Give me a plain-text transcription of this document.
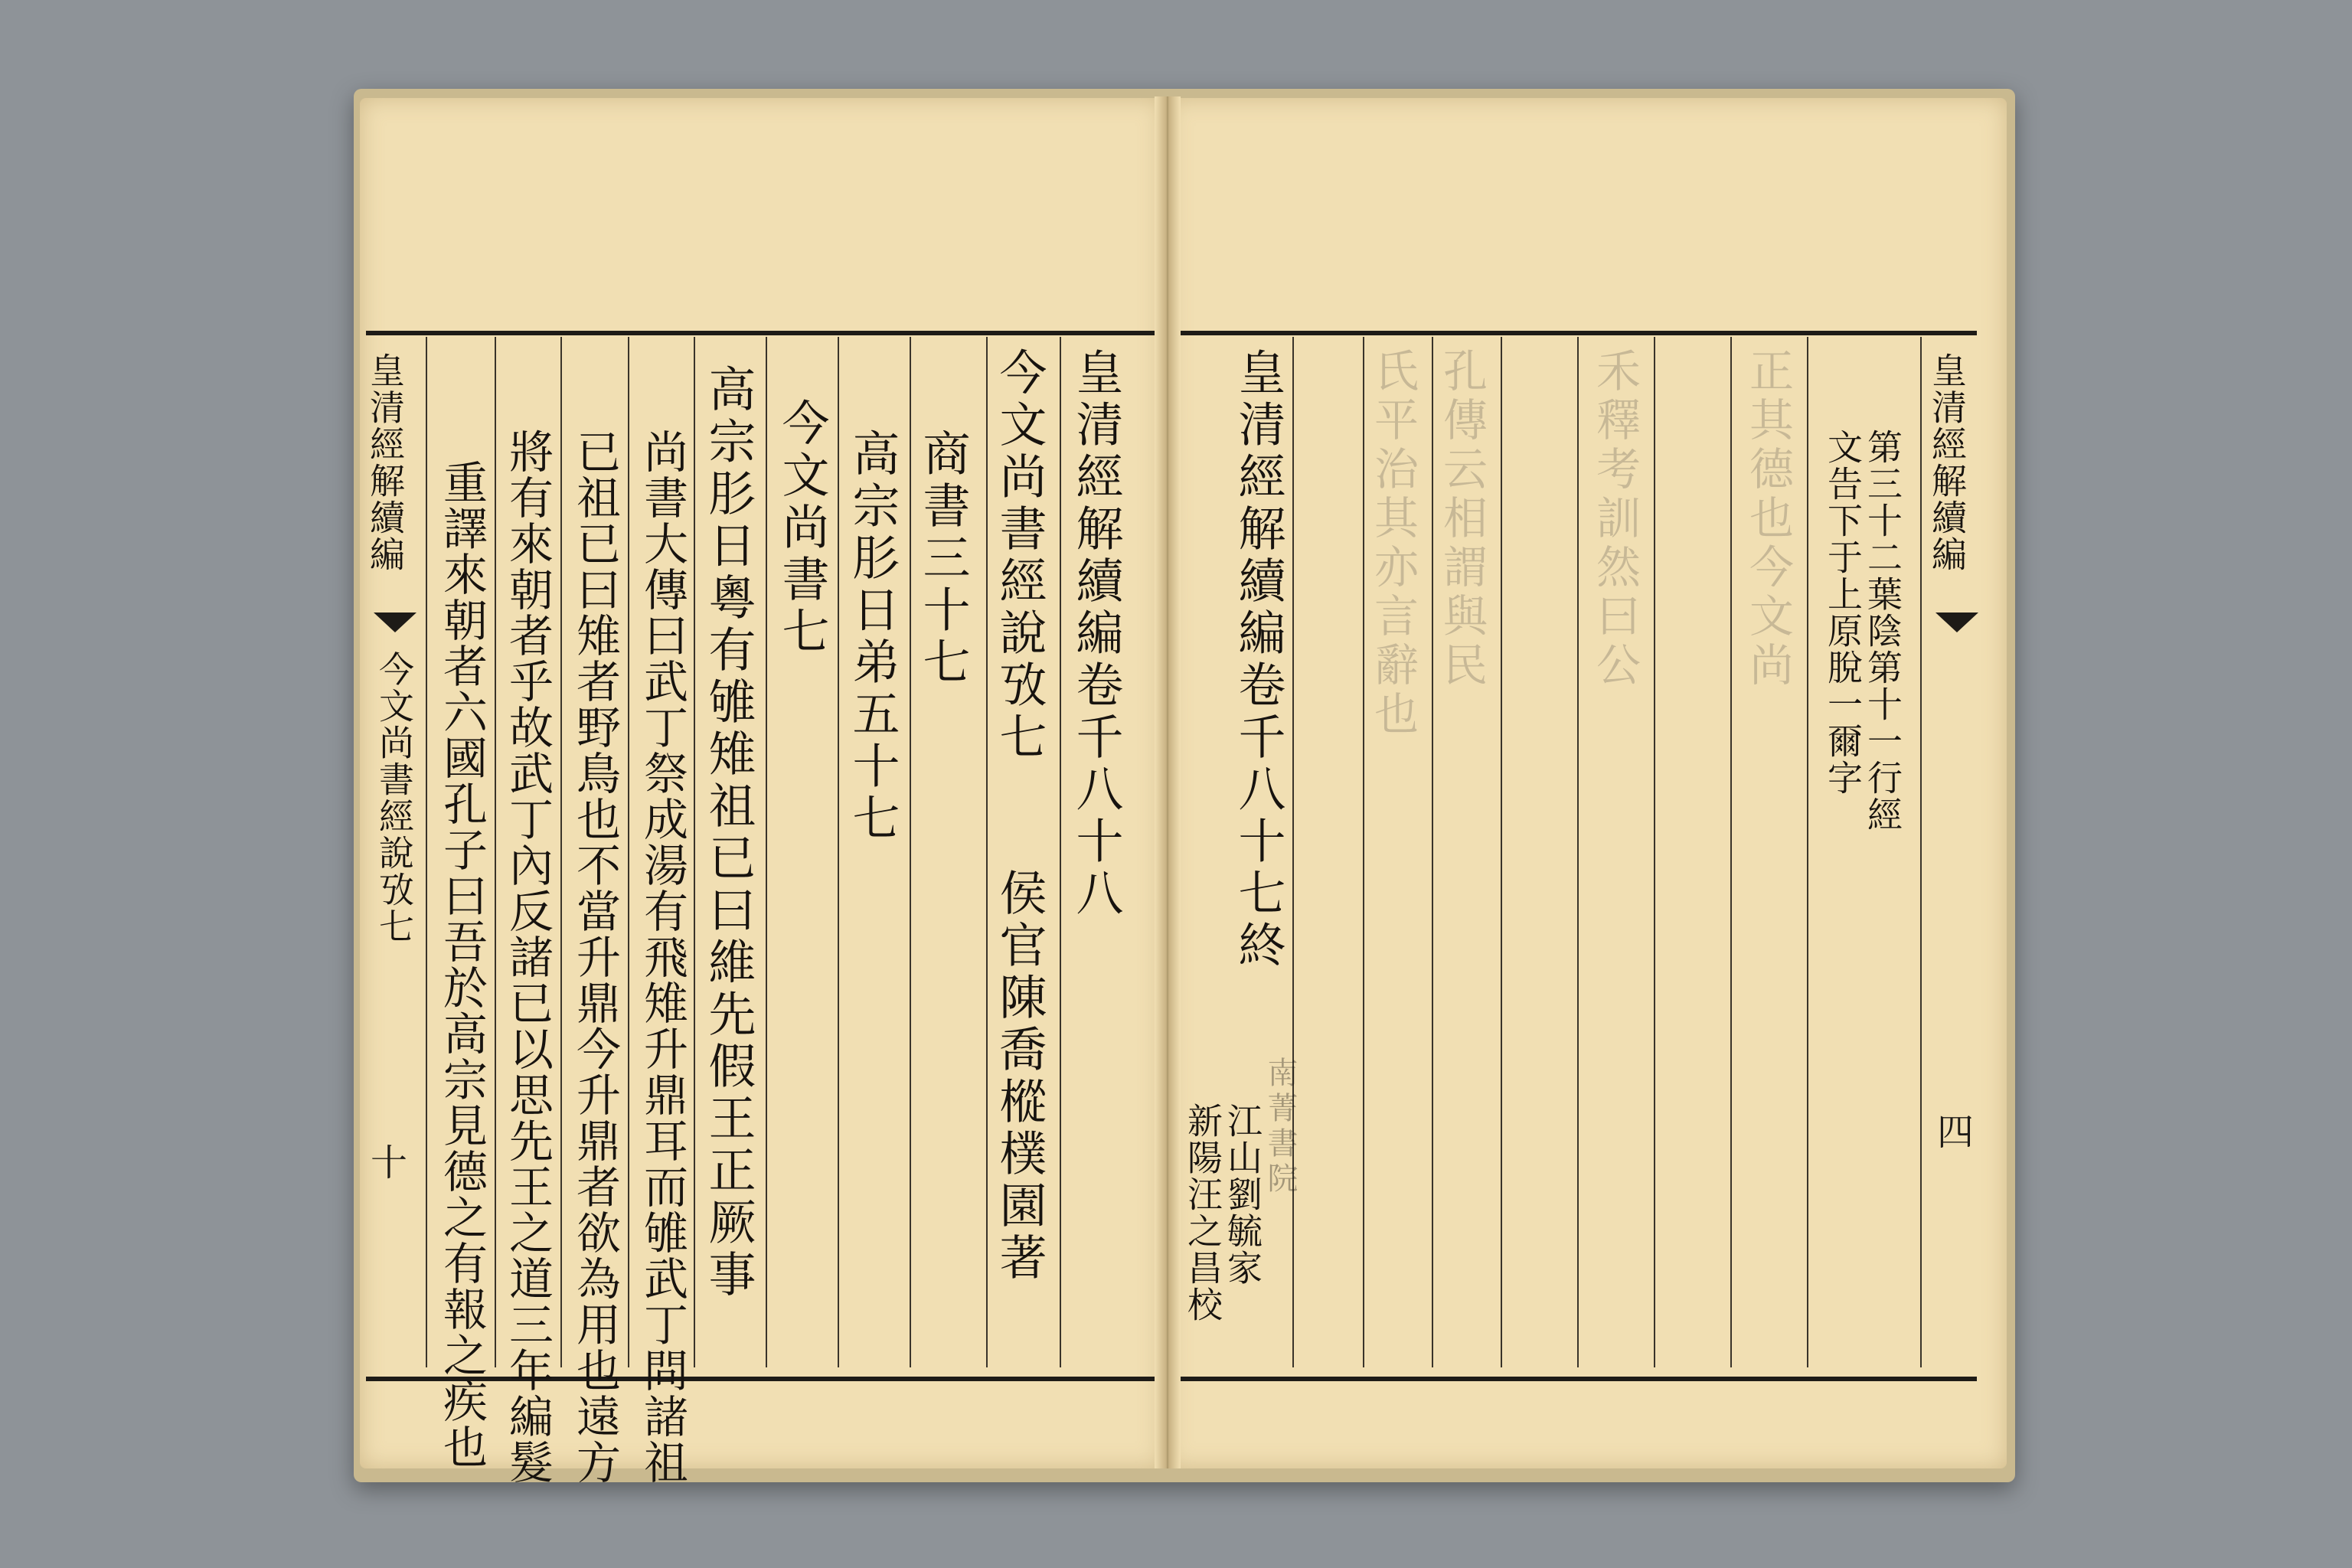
皇清經解續編
今文尚書經說攷七
十
皇清經解續編卷千八十八
今文尚書經說攷七　　侯官陳喬樅樸園著
商書三十七
高宗肜日弟五十七
今文尚書七
高宗肜日粵有雊雉祖已曰維先假王正厥事
尚書大傳曰武丁祭成湯有飛雉升鼎耳而雊武丁問諸祖
已祖已曰雉者野鳥也不當升鼎今升鼎者欲為用也遠方
將有來朝者乎故武丁內反諸已以思先王之道三年編髮
重譯來朝者六國孔子曰吾於高宗見德之有報之疾也	氏平治其亦言辭也 孔傳云相謂與民 禾釋考訓然曰公 正其德也今文尚
皇清經解續編卷千八十七終
江山劉毓家
新陽汪之昌校
第三十二葉陰第十一行經
文告下于上原脫一爾字 皇清經解續編
四
南菁書院
